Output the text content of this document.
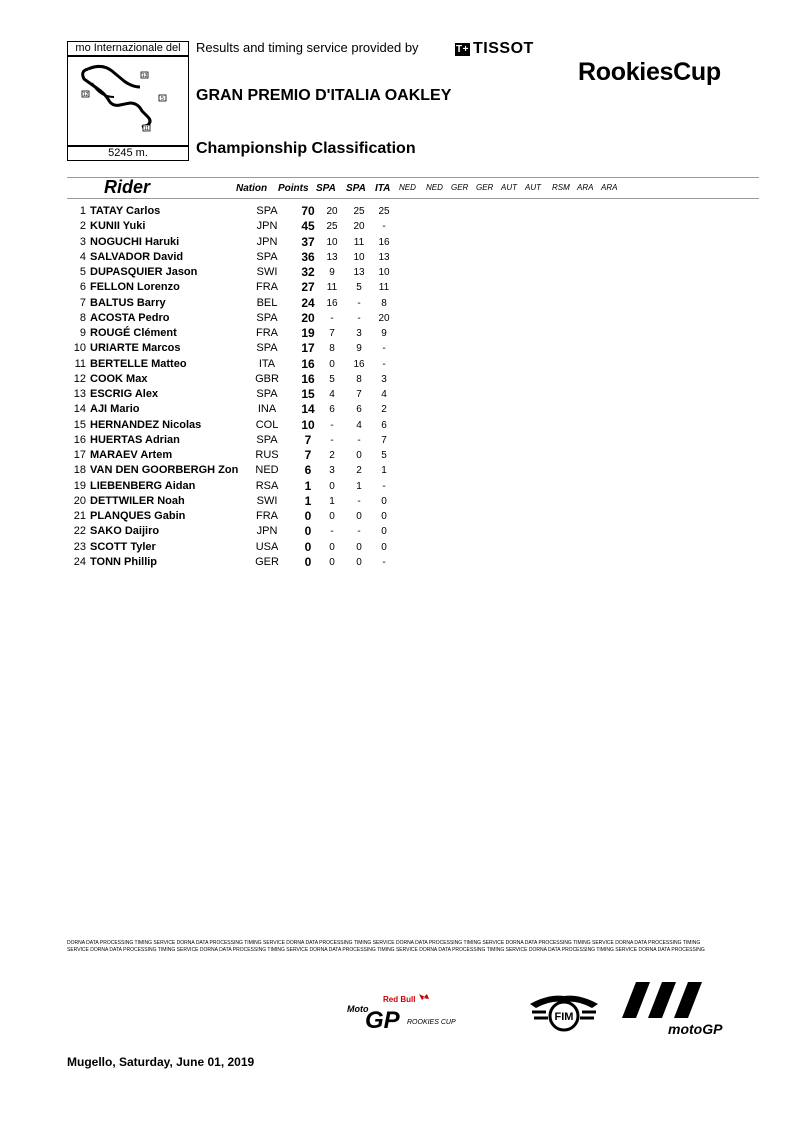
mo Internazionale del
13
12
5
11
5245 m.
Results and timing service provided by	T+ TISSOT
RookiesCup
GRAN PREMIO D'ITALIA OAKLEY
Championship Classification
Rider	Nation Points SPA SPA ITA NED NED GER GER AUT AUT RSM ARA ARA
1 TATAY Carlos	SPA	70	20	25	25
2 KUNII Yuki	JPN	45	25	20	-
3 NOGUCHI Haruki	JPN	37	10	11	16
4 SALVADOR David	SPA	36	13	10	13
5 DUPASQUIER Jason	SWI	32	9	13	10
6 FELLON Lorenzo	FRA	27	11	5	11
7 BALTUS Barry	BEL	24	16	-	8
8 ACOSTA Pedro	SPA	20	-	-	20
9 ROUGÉ Clément	FRA	19	7	3	9
10 URIARTE Marcos	SPA	17	8	9	-
11 BERTELLE Matteo	ITA	16	0	16	-
12 COOK Max	GBR	16	5	8	3
13 ESCRIG Alex	SPA	15	4	7	4
14 AJI Mario	INA	14	6	6	2
15 HERNANDEZ Nicolas	COL	10	-	4	6
16 HUERTAS Adrian	SPA	7	-	-	7
17 MARAEV Artem	RUS	7	2	0	5
18 VAN DEN GOORBERGH Zon	NED	6	3	2	1
19 LIEBENBERG Aidan	RSA	1	0	1	-
20 DETTWILER Noah	SWI	1	1	-	0
21 PLANQUES Gabin	FRA	0	0	0	0
22 SAKO Daijiro	JPN	0	-	-	0
23 SCOTT Tyler	USA	0	0	0	0
24 TONN Phillip	GER	0	0	0	-
DORNA DATA PROCESSING TIMING SERVICE DORNA DATA PROCESSING TIMING SERVICE DORNA DATA PROCESSING TIMING SERVICE DORNA DATA PROCESSING TIMING SERVICE DORNA DATA PROCESSING TIMING SERVICE DORNA DATA PROCESSING TIMING SERVICE DORNA DATA PROCESSING TIMING SERVICE DORNA DATA PROCESSING TIMING SERVICE DORNA DATA PROCESSING TIMING SERVICE DORNA DATA PROCESSING TIMING SERVICE DORNA DATA PROCESSING TIMING SERVICE DORNA DATA PROCESSING
Red Bull
Moto
GP ROOKIES CUP	FIM
motoGP
Mugello, Saturday, June 01, 2019
